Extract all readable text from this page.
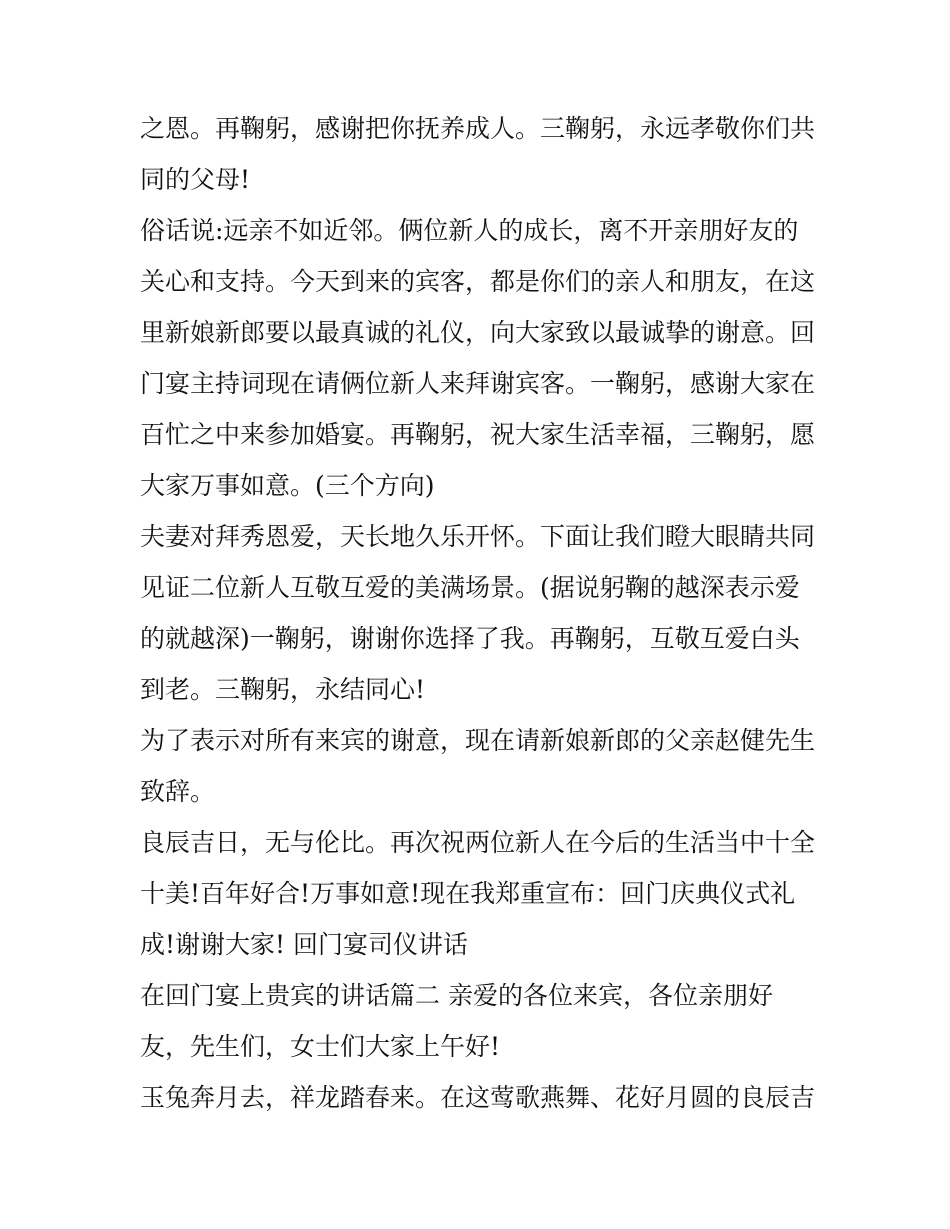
之恩。再鞠躬，感谢把你抚养成人。三鞠躬，永远孝敬你们共
同的父母!
俗话说:远亲不如近邻。俩位新人的成长，离不开亲朋好友的
关心和支持。今天到来的宾客，都是你们的亲人和朋友，在这
里新娘新郎要以最真诚的礼仪，向大家致以最诚挚的谢意。回
门宴主持词现在请俩位新人来拜谢宾客。一鞠躬，感谢大家在
百忙之中来参加婚宴。再鞠躬，祝大家生活幸福，三鞠躬，愿
大家万事如意。(三个方向)
夫妻对拜秀恩爱，天长地久乐开怀。下面让我们瞪大眼睛共同
见证二位新人互敬互爱的美满场景。(据说躬鞠的越深表示爱
的就越深)一鞠躬，谢谢你选择了我。再鞠躬，互敬互爱白头
到老。三鞠躬，永结同心!
为了表示对所有来宾的谢意，现在请新娘新郎的父亲赵健先生
致辞。
良辰吉日，无与伦比。再次祝两位新人在今后的生活当中十全
十美!百年好合!万事如意!现在我郑重宣布：回门庆典仪式礼
成!谢谢大家! 回门宴司仪讲话
在回门宴上贵宾的讲话篇二 亲爱的各位来宾，各位亲朋好
友，先生们，女士们大家上午好!
玉兔奔月去，祥龙踏春来。在这莺歌燕舞、花好月圆的良辰吉
